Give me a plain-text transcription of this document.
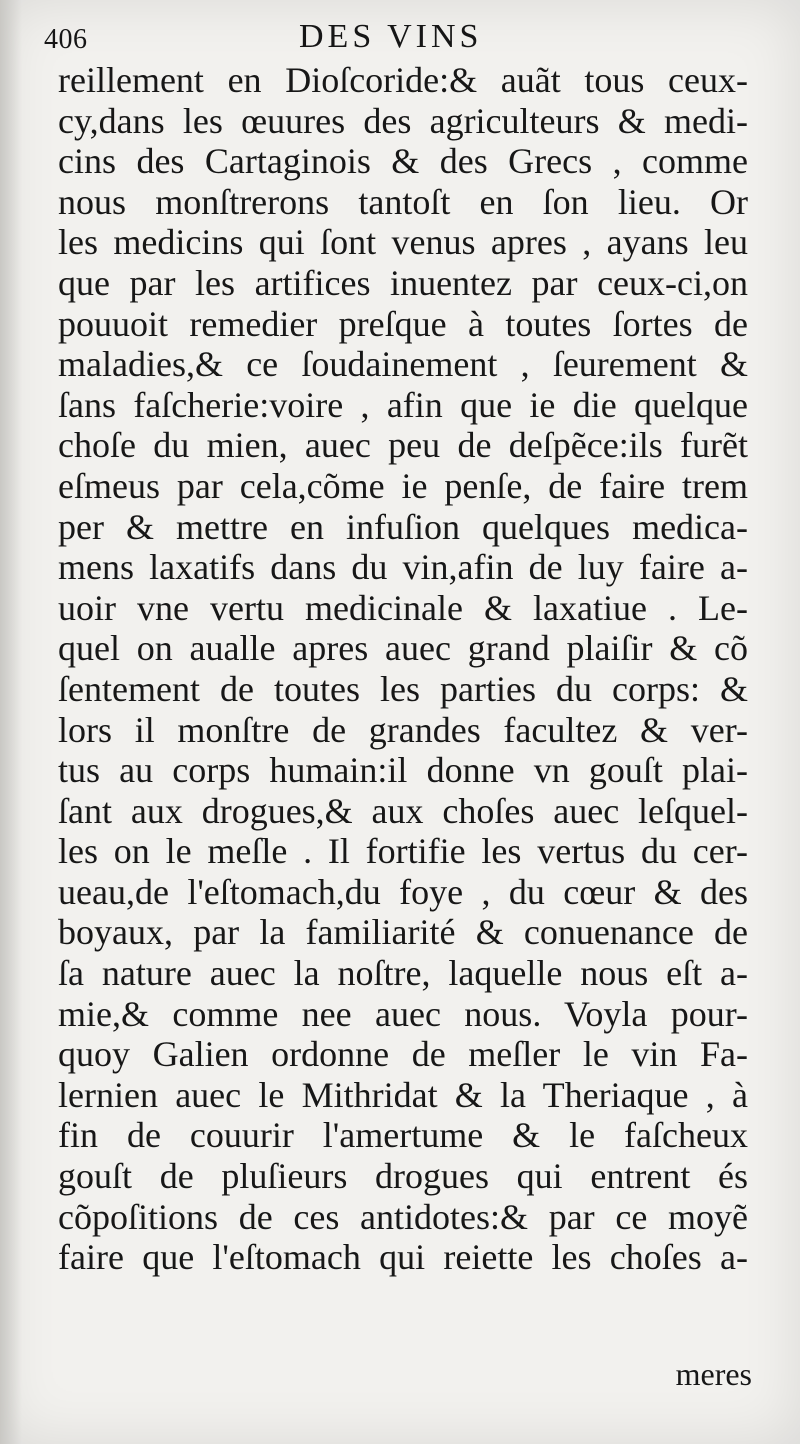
406	DES VINS
reillement en Dioſcoride:& auãt tous ceux-
cy,dans les œuures des agriculteurs & medi-
cins des Cartaginois & des Grecs , comme
nous monſtrerons tantoſt en ſon lieu. Or
les medicins qui ſont venus apres , ayans leu
que par les artifices inuentez par ceux-ci,on
pouuoit remedier preſque à toutes ſortes de
maladies,& ce ſoudainement , ſeurement &
ſans faſcherie:voire , afin que ie die quelque
choſe du mien, auec peu de deſpẽce:ils furẽt
eſmeus par cela,cõme ie penſe, de faire trem
per & mettre en infuſion quelques medica-
mens laxatifs dans du vin,afin de luy faire a-
uoir vne vertu medicinale & laxatiue . Le-
quel on aualle apres auec grand plaiſir & cõ
ſentement de toutes les parties du corps: &
lors il monſtre de grandes facultez & ver-
tus au corps humain:il donne vn gouſt plai-
ſant aux drogues,& aux choſes auec leſquel-
les on le meſle . Il fortifie les vertus du cer-
ueau,de l'eſtomach,du foye , du cœur & des
boyaux, par la familiarité & conuenance de
ſa nature auec la noſtre, laquelle nous eſt a-
mie,& comme nee auec nous. Voyla pour-
quoy Galien ordonne de meſler le vin Fa-
lernien auec le Mithridat & la Theriaque , à
fin de couurir l'amertume & le faſcheux
gouſt de pluſieurs drogues qui entrent és
cõpoſitions de ces antidotes:& par ce moyẽ
faire que l'eſtomach qui reiette les choſes a-
meres
